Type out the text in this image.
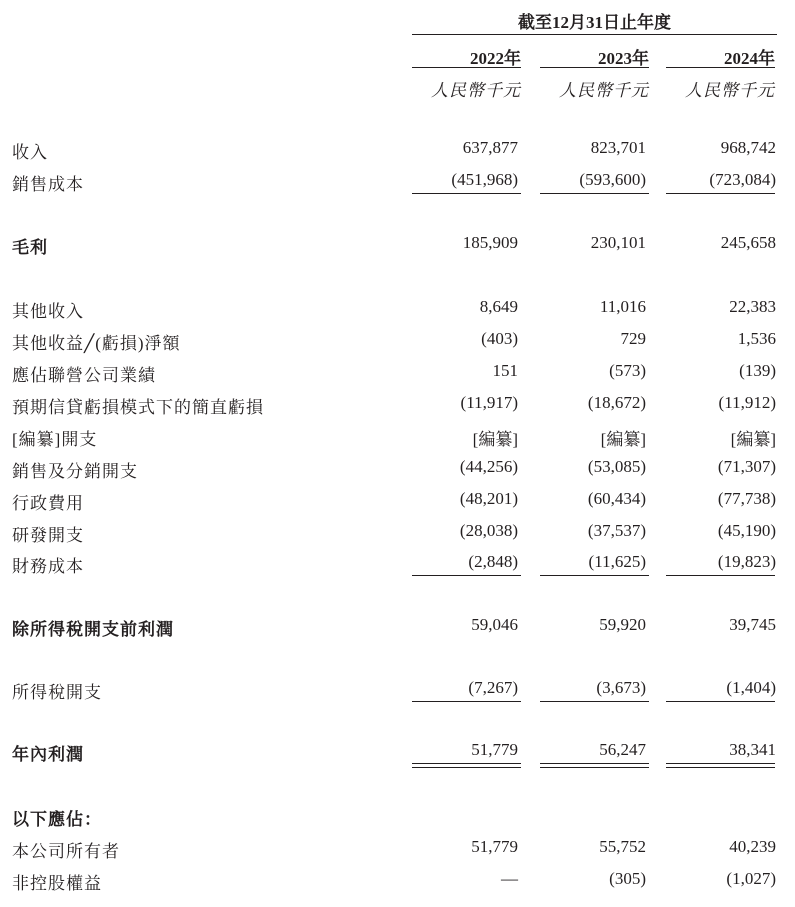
截至12月31日止年度
2022年	2023年	2024年
人民幣千元	人民幣千元	人民幣千元
收入	637,877	823,701	968,742
銷售成本	(451,968)	(593,600)	(723,084)
毛利	185,909	230,101	245,658
其他收入	8,649	11,016	22,383
其他收益╱(虧損)淨額	(403)	729	1,536
應佔聯營公司業績	151	(573)	(139)
預期信貸虧損模式下的簡直虧損	(11,917)	(18,672)	(11,912)
[編纂]開支	[編纂]	[編纂]	[編纂]
銷售及分銷開支	(44,256)	(53,085)	(71,307)
行政費用	(48,201)	(60,434)	(77,738)
研發開支	(28,038)	(37,537)	(45,190)
財務成本	(2,848)	(11,625)	(19,823)
除所得稅開支前利潤	59,046	59,920	39,745
所得稅開支	(7,267)	(3,673)	(1,404)
年內利潤	51,779	56,247	38,341
以下應佔：
本公司所有者	51,779	55,752	40,239
非控股權益	—	(305)	(1,027)
